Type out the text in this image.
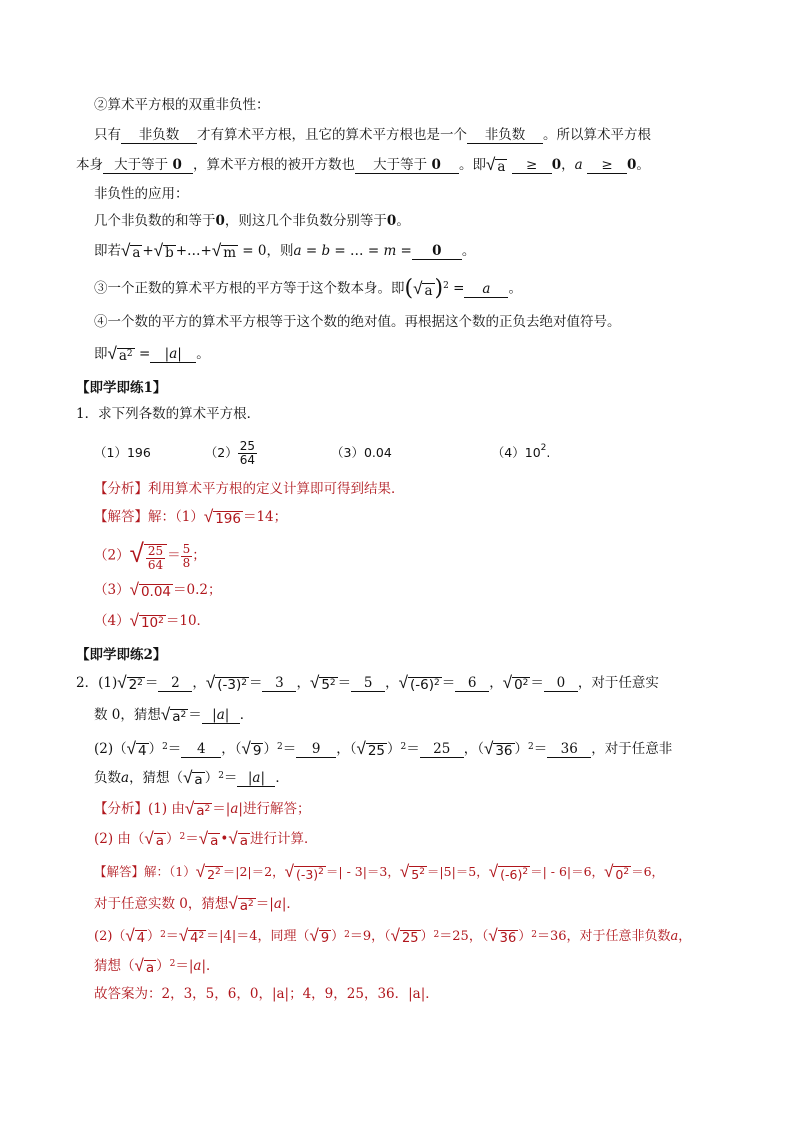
②算术平方根的双重非负性：
只有 非负数 才有算术平方根，且它的算术平方根也是一个 非负数 。所以算术平方根
本身 大于等于 0 ，算术平方根的被开方数也 大于等于 0 。即 √ a ≥ 0，a ≥ 0。
非负性的应用：
几个非负数的和等于0，则这几个非负数分别等于0。
即若 √ a + √ b +…+ √ m = 0，则a = b = … = m = 0 。
③一个正数的算术平方根的平方等于这个数本身。即( √ a )$^2$ = a 。
④一个数的平方的算术平方根等于这个数的绝对值。再根据这个数的正负去绝对值符号。
即 √ $a^2 = |a|$ 。
【即学即练1】
1．求下列各数的算术平方根．
（1）196	$(2) \frac{25}{64}$	（3）0.04	$(4)10^2$.
【分析】利用算术平方根的定义计算即可得到结果．
【解答】解：（1） √ 196 ＝14；
（2） √ $\frac{25}{64} = \frac{5}{8}$ ；
（3） √ 0.04 ＝0.2；
（4） √ $10^2 =10$．
【即学即练2】
2．(1) √ $2^2 = 2$ ， √ $(-3)^2 = 3$ ， √ $5^2 = 5$ ， √ $(-6)^2 = 6$ ， √ $0^2 = 0$ ，对于任意实
数 0，猜想 √ $a^2 = |a|$ ．
(2)（ √ 4 ）$^2$＝ 4 ，（ √ 9 ）$^2$＝ 9 ，（ √ 25 ）$^2$＝ 25 ，（ √ 36 ）$^2$＝ 36 ，对于任意非
负数a，猜想（ √ a ）$^2$＝ |a| ．
【分析】(1) 由 √ $a^2 =|a|$进行解答；
(2) 由（ √ a ）$^2$＝ √ a • √ a 进行计算．
【解答】解：（1） √ $2^2 =|2|=2$， √ $(-3)^2$ ＝| - 3|＝3， √ $5^2 =|5|=5$， √ $(-6)^2$ ＝| - 6|＝6， √ $0^2 =6$，
对于任意实数 0，猜想 √ $a^2 =|a|$．
(2)（ √ 4 ）$^2$＝ √ $4^2 =|4|=4$，同理（ √ 9 ）$^2$＝9，（ √ 25 ）$^2$＝25，（ √ 36 ）$^2$＝36，对于任意非负数a，
猜想（ √ a ）$^2$＝|a|．
故答案为：2，3，5，6，0，|a|；4，9，25，36．|a|．
